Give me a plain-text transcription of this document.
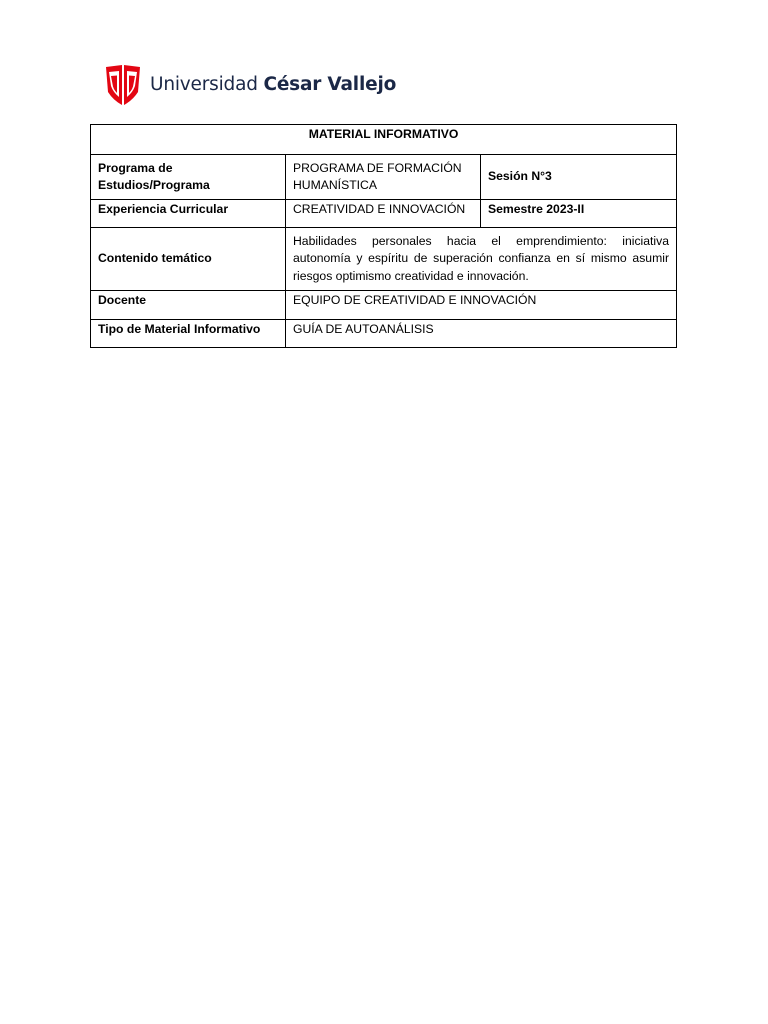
Universidad César Vallejo
MATERIAL INFORMATIVO		
Programa de Estudios/Programa	PROGRAMA DE FORMACIÓN HUMANÍSTICA	Sesión N°3
Experiencia Curricular	CREATIVIDAD E INNOVACIÓN	Semestre 2023-II
Contenido temático	Habilidades personales hacia el emprendimiento: iniciativa autonomía y espíritu de superación confianza en sí mismo asumir riesgos optimismo creatividad e innovación.	
Docente	EQUIPO DE CREATIVIDAD E INNOVACIÓN	
Tipo de Material Informativo	GUÍA DE AUTOANÁLISIS	
